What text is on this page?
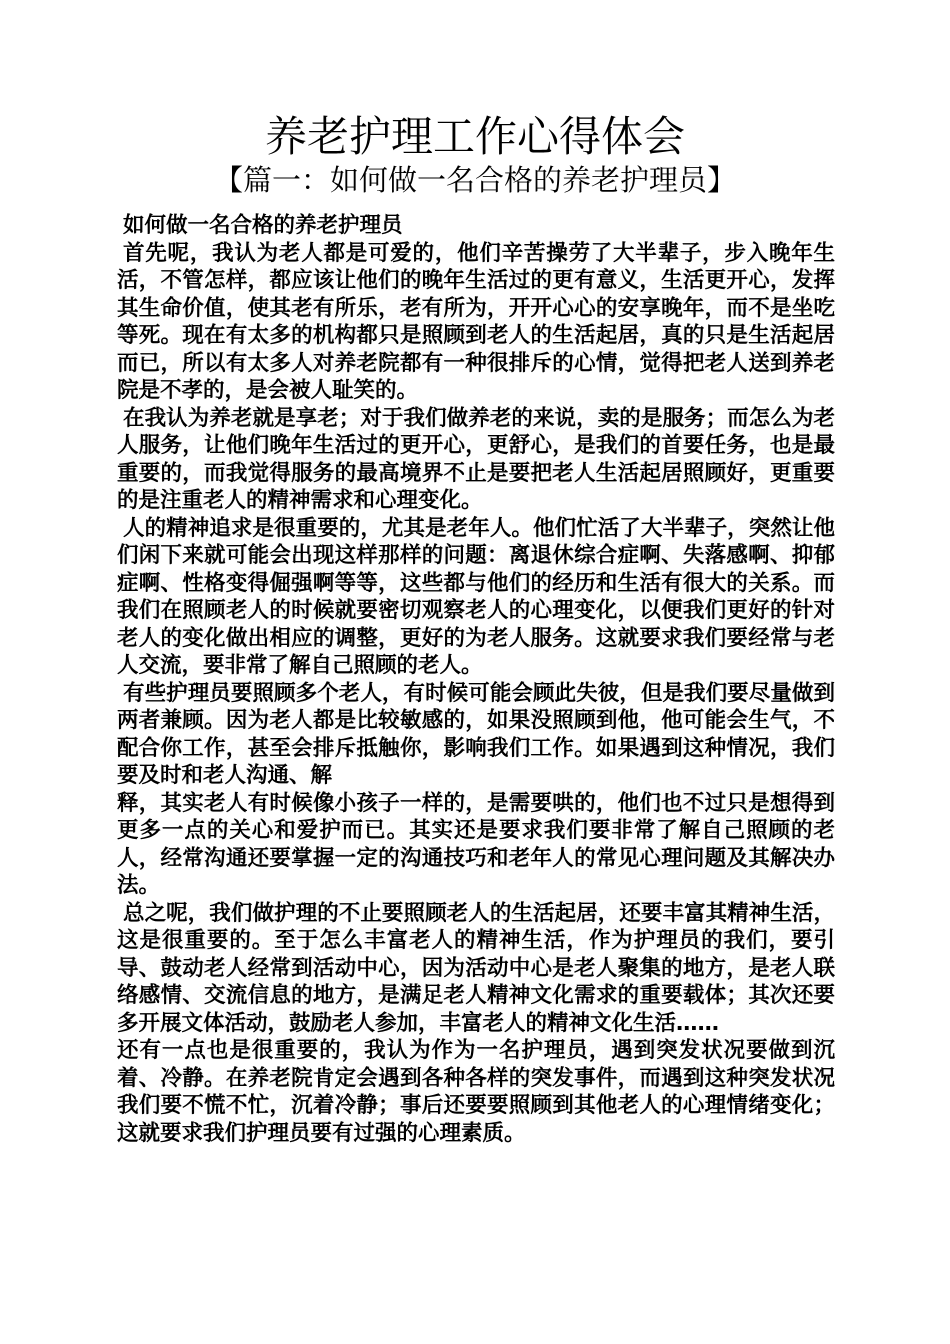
养老护理工作心得体会
【篇一：如何做一名合格的养老护理员】

如何做一名合格的养老护理员

首先呢，我认为老人都是可爱的，他们辛苦操劳了大半辈子，步入晚年生活，不管怎样，都应该让他们的晚年生活过的更有意义，生活更开心，发挥其生命价值，使其老有所乐，老有所为，开开心心的安享晚年，而不是坐吃等死。现在有太多的机构都只是照顾到老人的生活起居，真的只是生活起居而已，所以有太多人对养老院都有一种很排斥的心情，觉得把老人送到养老院是不孝的，是会被人耻笑的。

在我认为养老就是享老；对于我们做养老的来说，卖的是服务；而怎么为老人服务，让他们晚年生活过的更开心，更舒心，是我们的首要任务，也是最重要的，而我觉得服务的最高境界不止是要把老人生活起居照顾好，更重要的是注重老人的精神需求和心理变化。

人的精神追求是很重要的，尤其是老年人。他们忙活了大半辈子，突然让他们闲下来就可能会出现这样那样的问题：离退休综合症啊、失落感啊、抑郁症啊、性格变得倔强啊等等，这些都与他们的经历和生活有很大的关系。而我们在照顾老人的时候就要密切观察老人的心理变化，以便我们更好的针对老人的变化做出相应的调整，更好的为老人服务。这就要求我们要经常与老人交流，要非常了解自己照顾的老人。

有些护理员要照顾多个老人，有时候可能会顾此失彼，但是我们要尽量做到两者兼顾。因为老人都是比较敏感的，如果没照顾到他，他可能会生气，不配合你工作，甚至会排斥抵触你，影响我们工作。如果遇到这种情况，我们要及时和老人沟通、解

释，其实老人有时候像小孩子一样的，是需要哄的，他们也不过只是想得到更多一点的关心和爱护而已。其实还是要求我们要非常了解自己照顾的老人，经常沟通还要掌握一定的沟通技巧和老年人的常见心理问题及其解决办法。

总之呢，我们做护理的不止要照顾老人的生活起居，还要丰富其精神生活，这是很重要的。至于怎么丰富老人的精神生活，作为护理员的我们，要引导、鼓动老人经常到活动中心，因为活动中心是老人聚集的地方，是老人联络感情、交流信息的地方，是满足老人精神文化需求的重要载体；其次还要多开展文体活动，鼓励老人参加，丰富老人的精神文化生活……

还有一点也是很重要的，我认为作为一名护理员，遇到突发状况要做到沉着、冷静。在养老院肯定会遇到各种各样的突发事件，而遇到这种突发状况我们要不慌不忙，沉着冷静；事后还要要照顾到其他老人的心理情绪变化；这就要求我们护理员要有过强的心理素质。
